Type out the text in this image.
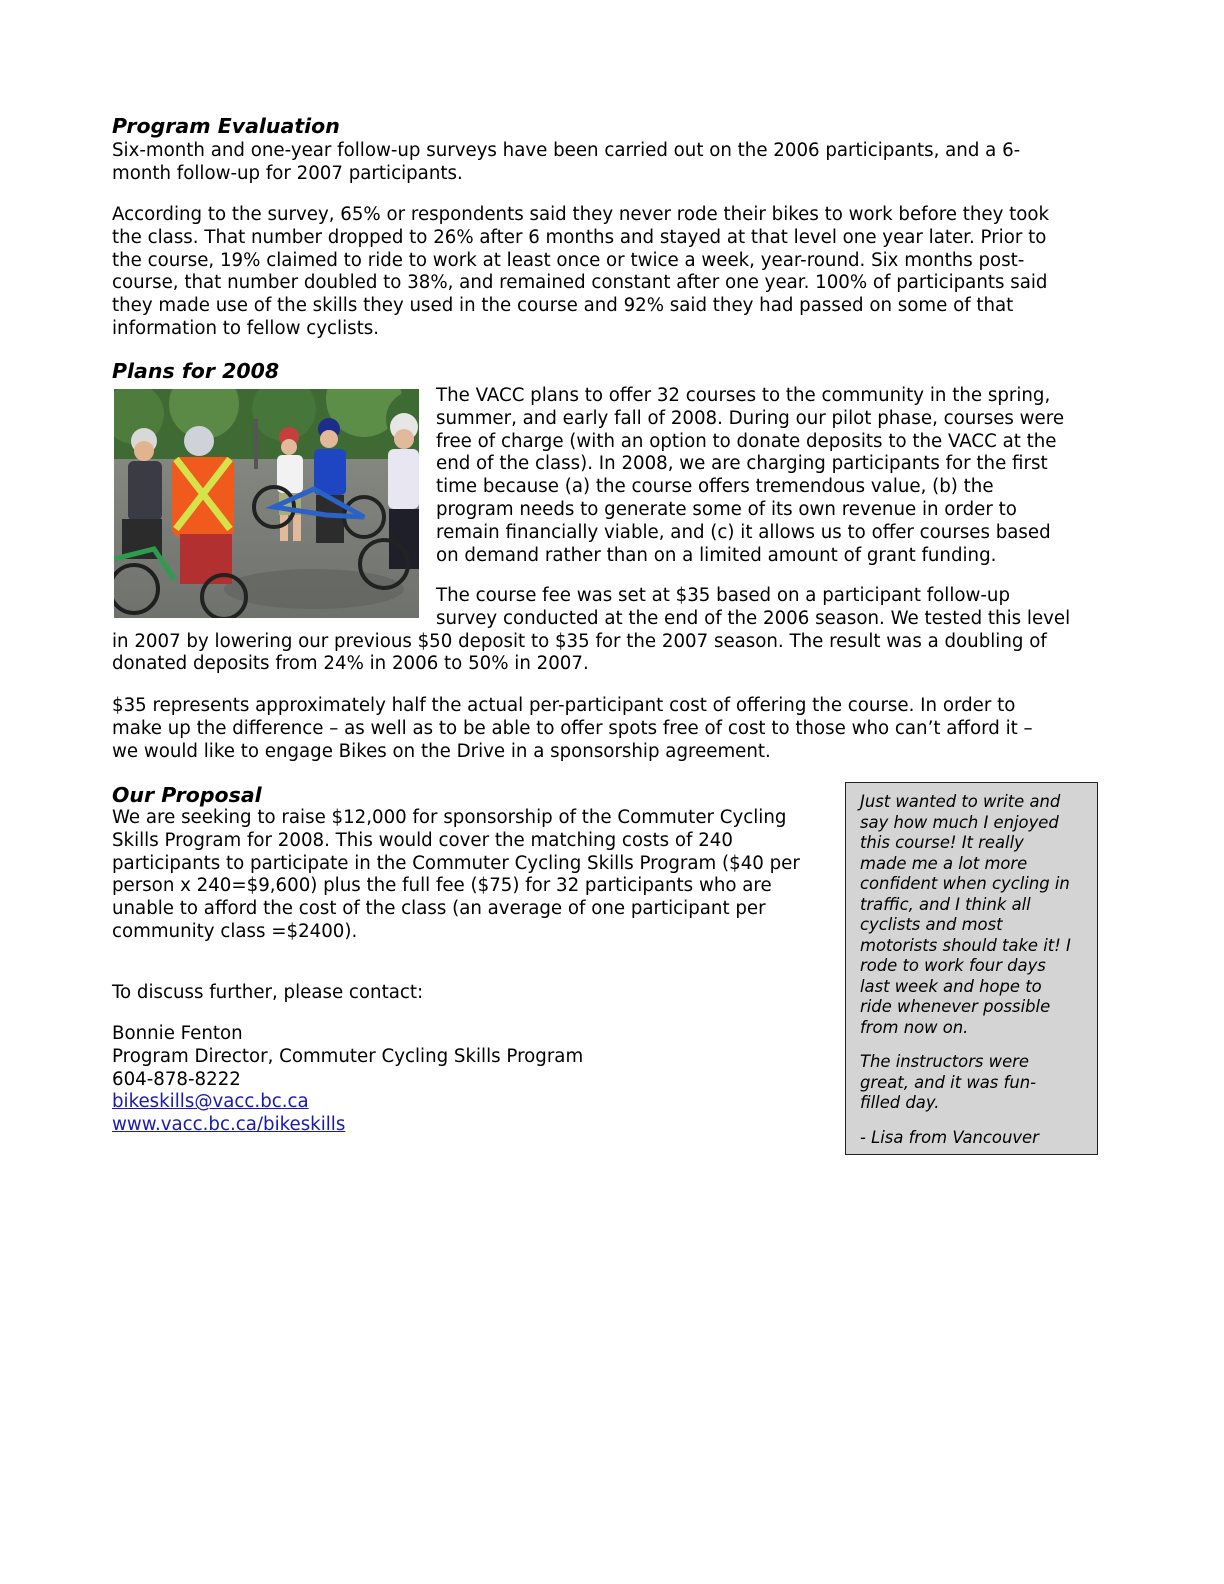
Program Evaluation

Six-month and one-year follow-up surveys have been carried out on the 2006 participants, and a 6-
month follow-up for 2007 participants.

According to the survey, 65% or respondents said they never rode their bikes to work before they took
the class. That number dropped to 26% after 6 months and stayed at that level one year later. Prior to
the course, 19% claimed to ride to work at least once or twice a week, year-round. Six months post-
course, that number doubled to 38%, and remained constant after one year. 100% of participants said
they made use of the skills they used in the course and 92% said they had passed on some of that
information to fellow cyclists.

Plans for 2008

The VACC plans to offer 32 courses to the community in the spring,
summer, and early fall of 2008. During our pilot phase, courses were
free of charge (with an option to donate deposits to the VACC at the
end of the class). In 2008, we are charging participants for the first
time because (a) the course offers tremendous value, (b) the
program needs to generate some of its own revenue in order to
remain financially viable, and (c) it allows us to offer courses based
on demand rather than on a limited amount of grant funding.

The course fee was set at $35 based on a participant follow-up
survey conducted at the end of the 2006 season. We tested this level
in 2007 by lowering our previous $50 deposit to $35 for the 2007 season. The result was a doubling of
donated deposits from 24% in 2006 to 50% in 2007.

$35 represents approximately half the actual per-participant cost of offering the course. In order to
make up the difference – as well as to be able to offer spots free of cost to those who can’t afford it –
we would like to engage Bikes on the Drive in a sponsorship agreement.

Our Proposal

We are seeking to raise $12,000 for sponsorship of the Commuter Cycling
Skills Program for 2008. This would cover the matching costs of 240
participants to participate in the Commuter Cycling Skills Program ($40 per
person x 240=$9,600) plus the full fee ($75) for 32 participants who are
unable to afford the cost of the class (an average of one participant per
community class =$2400).

To discuss further, please contact:

Bonnie Fenton
Program Director, Commuter Cycling Skills Program
604-878-8222
bikeskills@vacc.bc.ca
www.vacc.bc.ca/bikeskills

Just wanted to write and
say how much I enjoyed
this course! It really
made me a lot more
confident when cycling in
traffic, and I think all
cyclists and most
motorists should take it! I
rode to work four days
last week and hope to
ride whenever possible
from now on.

The instructors were
great, and it was fun-
filled day.

- Lisa from Vancouver
